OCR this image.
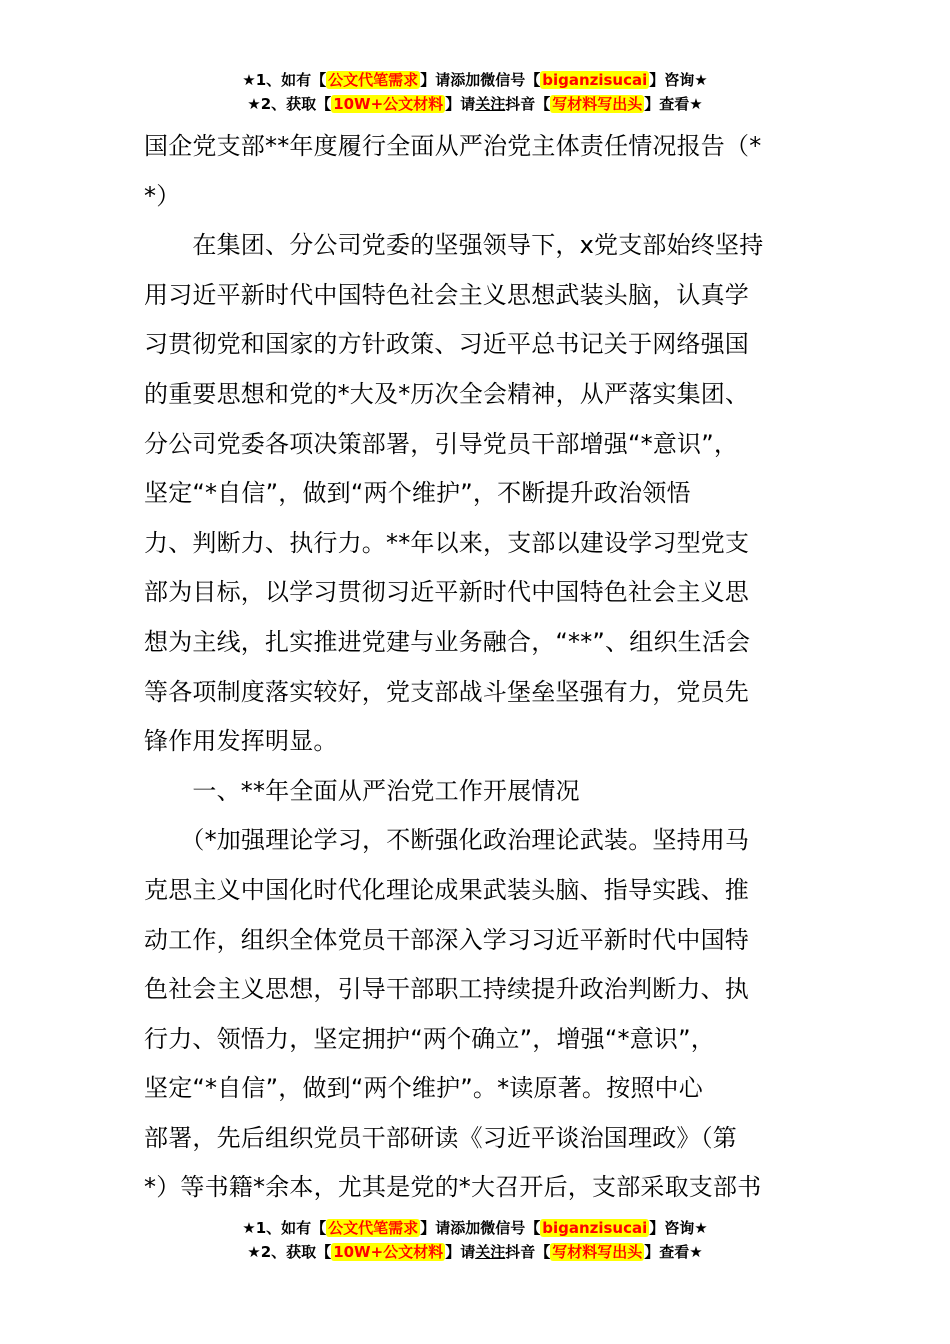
★1、如有【 公文代笔需求 】请添加微信号【 biganzisucai 】咨询★
★2、获取【 10W+公文材料 】请关注抖音【 写材料写出头 】查看★

国企党支部**年度履行全面从严治党主体责任情况报告（*

*）

　　在集团、分公司党委的坚强领导下，x党支部始终坚持

用习近平新时代中国特色社会主义思想武装头脑，认真学

习贯彻党和国家的方针政策、习近平总书记关于网络强国

的重要思想和党的*大及*历次全会精神，从严落实集团、

分公司党委各项决策部署，引导党员干部增强“*意识”，

坚定“*自信”，做到“两个维护”，不断提升政治领悟

力、判断力、执行力。**年以来，支部以建设学习型党支

部为目标，以学习贯彻习近平新时代中国特色社会主义思

想为主线，扎实推进党建与业务融合，“**”、组织生活会

等各项制度落实较好，党支部战斗堡垒坚强有力，党员先

锋作用发挥明显。

　　一、**年全面从严治党工作开展情况

　　（*加强理论学习，不断强化政治理论武装。坚持用马

克思主义中国化时代化理论成果武装头脑、指导实践、推

动工作，组织全体党员干部深入学习习近平新时代中国特

色社会主义思想，引导干部职工持续提升政治判断力、执

行力、领悟力，坚定拥护“两个确立”，增强“*意识”，

坚定“*自信”，做到“两个维护”。*读原著。按照中心

部署，先后组织党员干部研读《习近平谈治国理政》（第

*）等书籍*余本，尤其是党的*大召开后，支部采取支部书

★1、如有【 公文代笔需求 】请添加微信号【 biganzisucai 】咨询★
★2、获取【 10W+公文材料 】请关注抖音【 写材料写出头 】查看★
